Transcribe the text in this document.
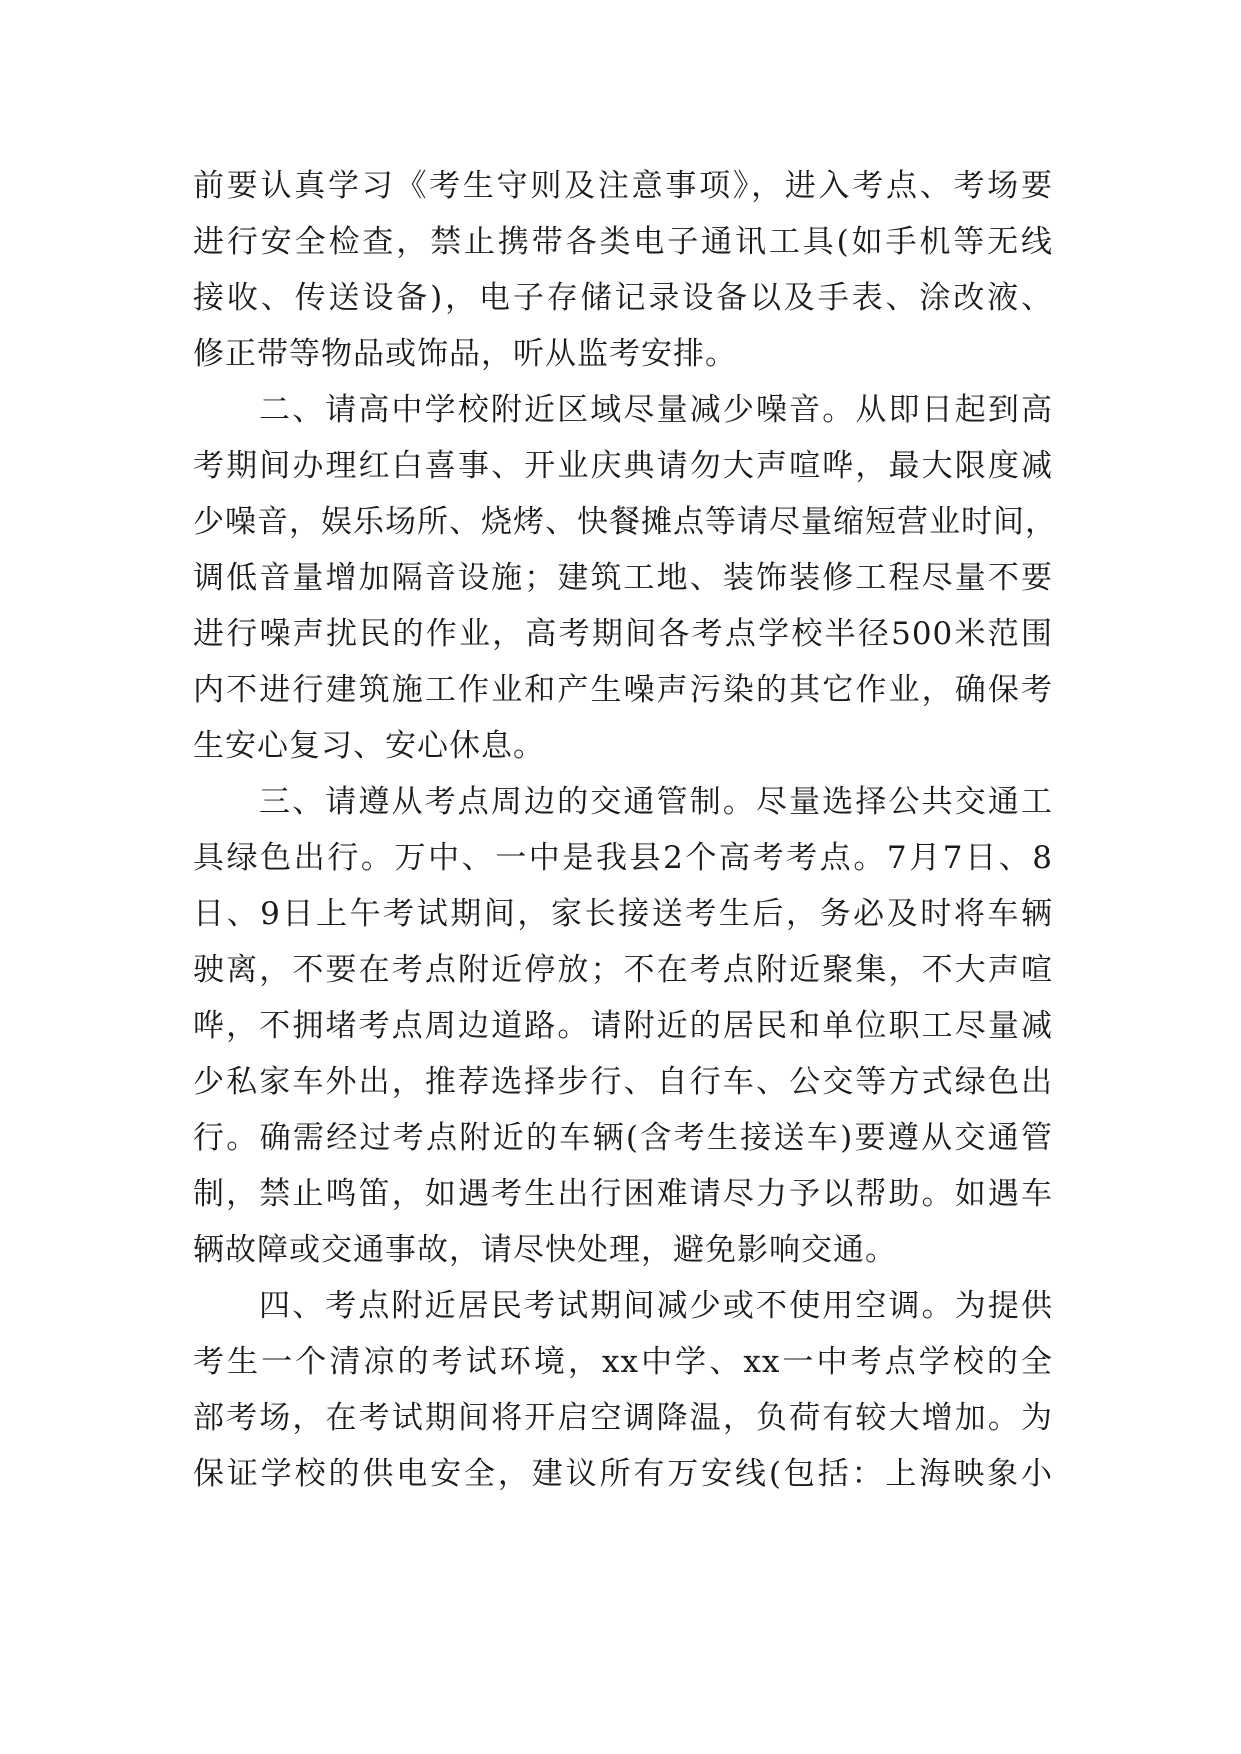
前要认真学习《考生守则及注意事项》，进入考点、考场要
进行安全检查，禁止携带各类电子通讯工具(如手机等无线
接收、传送设备)，电子存储记录设备以及手表、涂改液、
修正带等物品或饰品，听从监考安排。
二、请高中学校附近区域尽量减少噪音。从即日起到高
考期间办理红白喜事、开业庆典请勿大声喧哗，最大限度减
少噪音，娱乐场所、烧烤、快餐摊点等请尽量缩短营业时间，
调低音量增加隔音设施；建筑工地、装饰装修工程尽量不要
进行噪声扰民的作业，高考期间各考点学校半径500米范围
内不进行建筑施工作业和产生噪声污染的其它作业，确保考
生安心复习、安心休息。
三、请遵从考点周边的交通管制。尽量选择公共交通工
具绿色出行。万中、一中是我县2个高考考点。7月7日、8
日、9日上午考试期间，家长接送考生后，务必及时将车辆
驶离，不要在考点附近停放；不在考点附近聚集，不大声喧
哗，不拥堵考点周边道路。请附近的居民和单位职工尽量减
少私家车外出，推荐选择步行、自行车、公交等方式绿色出
行。确需经过考点附近的车辆(含考生接送车)要遵从交通管
制，禁止鸣笛，如遇考生出行困难请尽力予以帮助。如遇车
辆故障或交通事故，请尽快处理，避免影响交通。
四、考点附近居民考试期间减少或不使用空调。为提供
考生一个清凉的考试环境，xx中学、xx一中考点学校的全
部考场，在考试期间将开启空调降温，负荷有较大增加。为
保证学校的供电安全，建议所有万安线(包括：上海映象小
